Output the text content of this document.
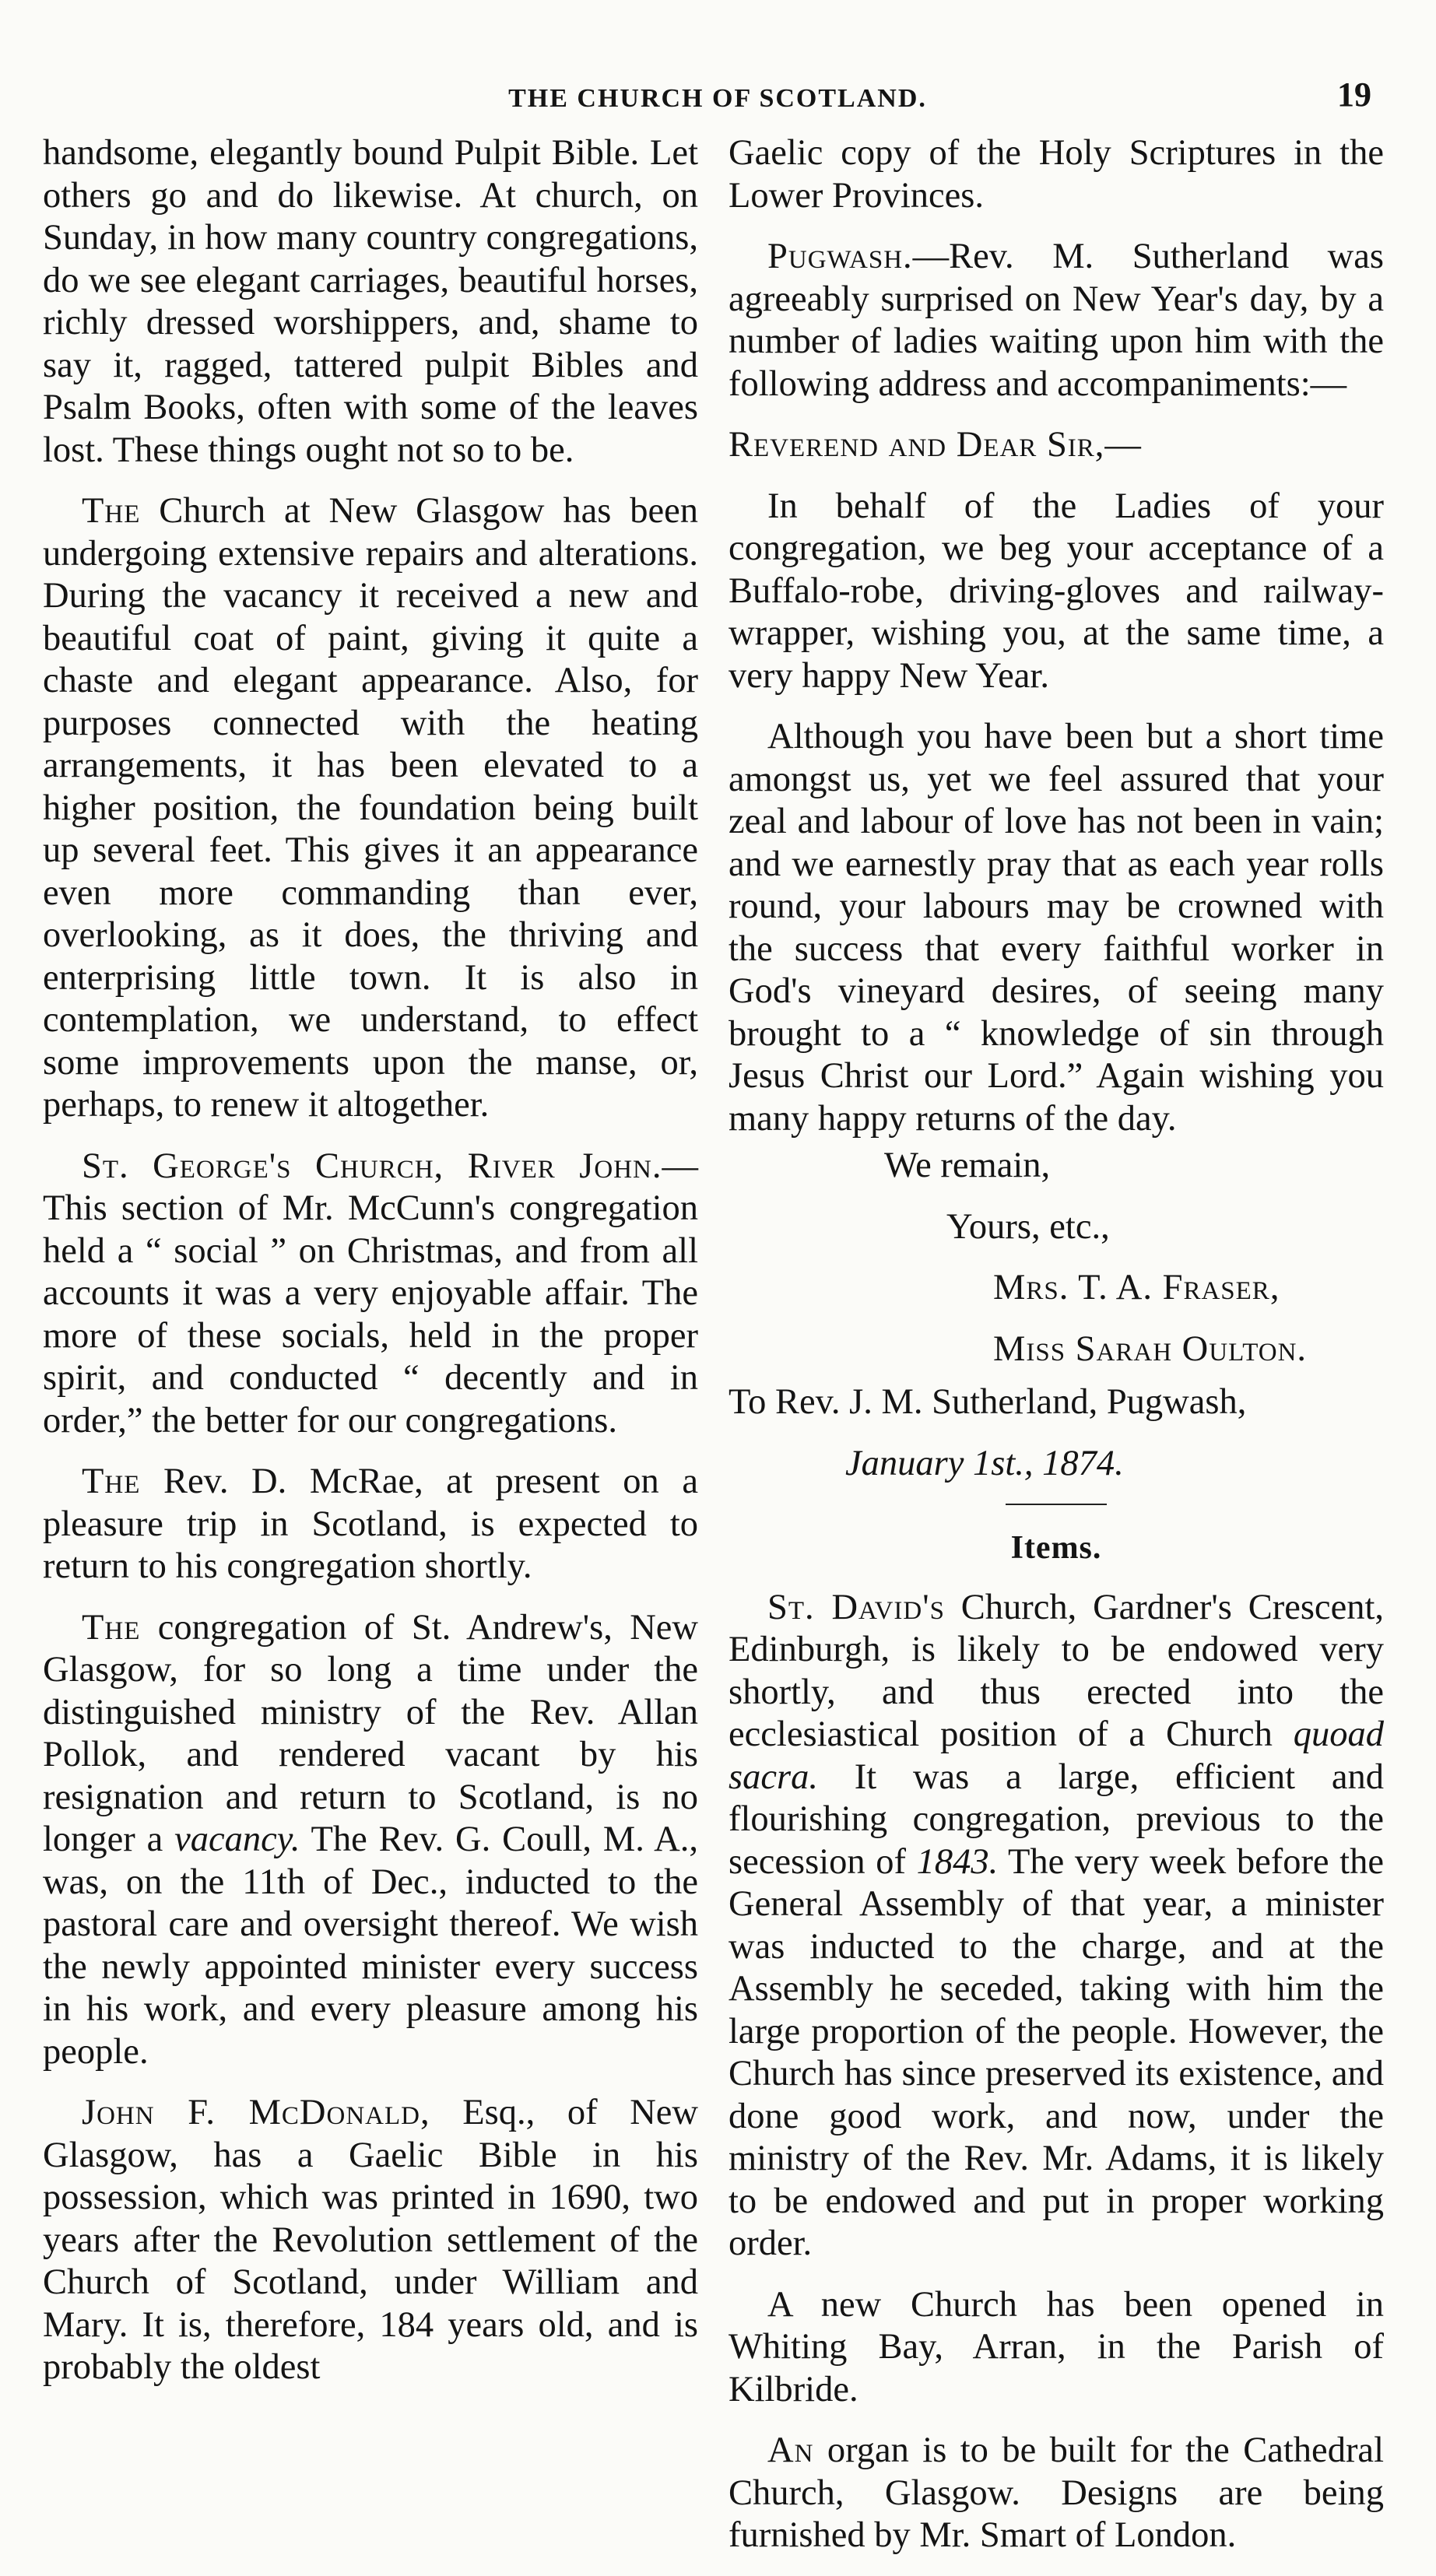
THE CHURCH OF SCOTLAND.	19

handsome, elegantly bound Pulpit Bible. Let others go and do likewise. At church, on Sunday, in how many country congregations, do we see elegant carriages, beautiful horses, richly dressed worshippers, and, shame to say it, ragged, tattered pulpit Bibles and Psalm Books, often with some of the leaves lost. These things ought not so to be.

The Church at New Glasgow has been undergoing extensive repairs and alterations. During the vacancy it received a new and beautiful coat of paint, giving it quite a chaste and elegant appearance. Also, for purposes connected with the heating arrangements, it has been elevated to a higher position, the foundation being built up several feet. This gives it an appearance even more commanding than ever, overlooking, as it does, the thriving and enterprising little town. It is also in contemplation, we understand, to effect some improvements upon the manse, or, perhaps, to renew it altogether.

St. George's Church, River John.—This section of Mr. McCunn's congregation held a “ social ” on Christmas, and from all accounts it was a very enjoyable affair. The more of these socials, held in the proper spirit, and conducted “ decently and in order,” the better for our congregations.

The Rev. D. McRae, at present on a pleasure trip in Scotland, is expected to return to his congregation shortly.

The congregation of St. Andrew's, New Glasgow, for so long a time under the distinguished ministry of the Rev. Allan Pollok, and rendered vacant by his resignation and return to Scotland, is no longer a vacancy. The Rev. G. Coull, M. A., was, on the 11th of Dec., inducted to the pastoral care and oversight thereof. We wish the newly appointed minister every success in his work, and every pleasure among his people.

John F. McDonald, Esq., of New Glasgow, has a Gaelic Bible in his possession, which was printed in 1690, two years after the Revolution settlement of the Church of Scotland, under William and Mary. It is, therefore, 184 years old, and is probably the oldest

Gaelic copy of the Holy Scriptures in the Lower Provinces.

Pugwash.—Rev. M. Sutherland was agreeably surprised on New Year's day, by a number of ladies waiting upon him with the following address and accompaniments:—

Reverend and Dear Sir,—

In behalf of the Ladies of your congregation, we beg your acceptance of a Buffalo-robe, driving-gloves and railway-wrapper, wishing you, at the same time, a very happy New Year.

Although you have been but a short time amongst us, yet we feel assured that your zeal and labour of love has not been in vain; and we earnestly pray that as each year rolls round, your labours may be crowned with the success that every faithful worker in God's vineyard desires, of seeing many brought to a “ knowledge of sin through Jesus Christ our Lord.” Again wishing you many happy returns of the day.

We remain,

Yours, etc.,

Mrs. T. A. Fraser,

Miss Sarah Oulton.

To Rev. J. M. Sutherland, Pugwash,

January 1st., 1874.

Items.

St. David's Church, Gardner's Crescent, Edinburgh, is likely to be endowed very shortly, and thus erected into the ecclesiastical position of a Church quoad sacra. It was a large, efficient and flourishing congregation, previous to the secession of 1843. The very week before the General Assembly of that year, a minister was inducted to the charge, and at the Assembly he seceded, taking with him the large proportion of the people. However, the Church has since preserved its existence, and done good work, and now, under the ministry of the Rev. Mr. Adams, it is likely to be endowed and put in proper working order.

A new Church has been opened in Whiting Bay, Arran, in the Parish of Kilbride.

An organ is to be built for the Cathedral Church, Glasgow. Designs are being furnished by Mr. Smart of London.
